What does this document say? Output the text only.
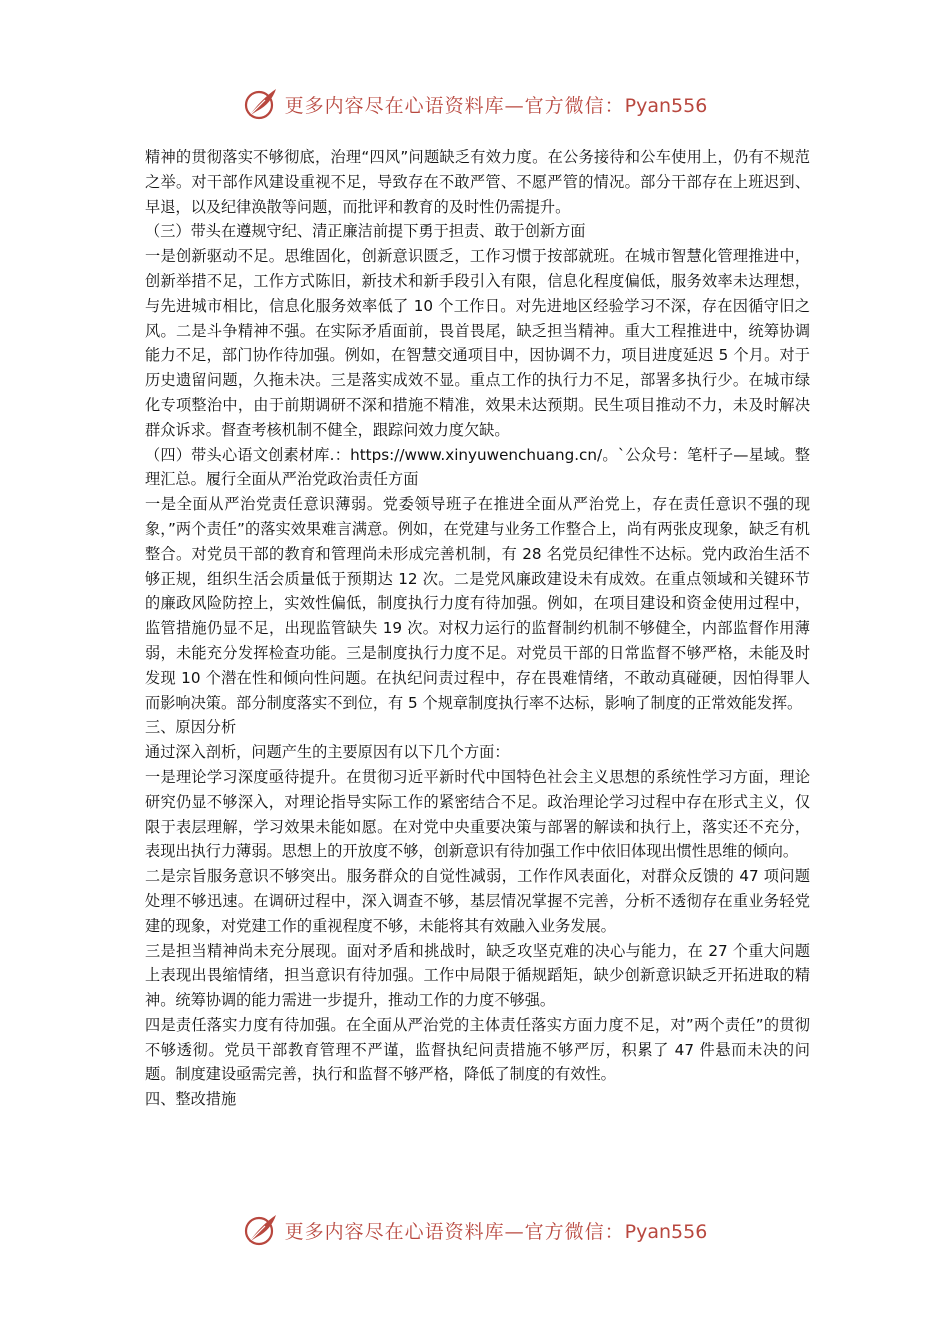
更多内容尽在心语资料库—官方微信：Pyan556

精神的贯彻落实不够彻底，治理“四风”问题缺乏有效力度。在公务接待和公车使用上，仍有不规范之举。对干部作风建设重视不足，导致存在不敢严管、不愿严管的情况。部分干部存在上班迟到、早退，以及纪律涣散等问题，而批评和教育的及时性仍需提升。

（三）带头在遵规守纪、清正廉洁前提下勇于担责、敢于创新方面

一是创新驱动不足。思维固化，创新意识匮乏，工作习惯于按部就班。在城市智慧化管理推进中，创新举措不足，工作方式陈旧，新技术和新手段引入有限，信息化程度偏低，服务效率未达理想，与先进城市相比，信息化服务效率低了 10 个工作日。对先进地区经验学习不深，存在因循守旧之风。二是斗争精神不强。在实际矛盾面前，畏首畏尾，缺乏担当精神。重大工程推进中，统筹协调能力不足，部门协作待加强。例如，在智慧交通项目中，因协调不力，项目进度延迟 5 个月。对于历史遗留问题，久拖未决。三是落实成效不显。重点工作的执行力不足，部署多执行少。在城市绿化专项整治中，由于前期调研不深和措施不精准，效果未达预期。民生项目推动不力，未及时解决群众诉求。督查考核机制不健全，跟踪问效力度欠缺。

（四）带头心语文创素材库.：https://www.xinyuwenchuang.cn/。`公众号：笔杆子—星域。整理汇总。履行全面从严治党政治责任方面

一是全面从严治党责任意识薄弱。党委领导班子在推进全面从严治党上，存在责任意识不强的现象，”两个责任”的落实效果难言满意。例如，在党建与业务工作整合上，尚有两张皮现象，缺乏有机整合。对党员干部的教育和管理尚未形成完善机制，有 28 名党员纪律性不达标。党内政治生活不够正规，组织生活会质量低于预期达 12 次。二是党风廉政建设未有成效。在重点领域和关键环节的廉政风险防控上，实效性偏低，制度执行力度有待加强。例如，在项目建设和资金使用过程中，监管措施仍显不足，出现监管缺失 19 次。对权力运行的监督制约机制不够健全，内部监督作用薄弱，未能充分发挥检查功能。三是制度执行力度不足。对党员干部的日常监督不够严格，未能及时发现 10 个潜在性和倾向性问题。在执纪问责过程中，存在畏难情绪，不敢动真碰硬，因怕得罪人而影响决策。部分制度落实不到位，有 5 个规章制度执行率不达标，影响了制度的正常效能发挥。

三、原因分析

通过深入剖析，问题产生的主要原因有以下几个方面：

一是理论学习深度亟待提升。在贯彻习近平新时代中国特色社会主义思想的系统性学习方面，理论研究仍显不够深入，对理论指导实际工作的紧密结合不足。政治理论学习过程中存在形式主义，仅限于表层理解，学习效果未能如愿。在对党中央重要决策与部署的解读和执行上，落实还不充分，表现出执行力薄弱。思想上的开放度不够，创新意识有待加强工作中依旧体现出惯性思维的倾向。

二是宗旨服务意识不够突出。服务群众的自觉性减弱，工作作风表面化，对群众反馈的 47 项问题处理不够迅速。在调研过程中，深入调查不够，基层情况掌握不完善，分析不透彻存在重业务轻党建的现象，对党建工作的重视程度不够，未能将其有效融入业务发展。

三是担当精神尚未充分展现。面对矛盾和挑战时，缺乏攻坚克难的决心与能力，在 27 个重大问题上表现出畏缩情绪，担当意识有待加强。工作中局限于循规蹈矩，缺少创新意识缺乏开拓进取的精神。统筹协调的能力需进一步提升，推动工作的力度不够强。

四是责任落实力度有待加强。在全面从严治党的主体责任落实方面力度不足，对”两个责任”的贯彻不够透彻。党员干部教育管理不严谨，监督执纪问责措施不够严厉，积累了 47 件悬而未决的问题。制度建设亟需完善，执行和监督不够严格，降低了制度的有效性。

四、整改措施

更多内容尽在心语资料库—官方微信：Pyan556
